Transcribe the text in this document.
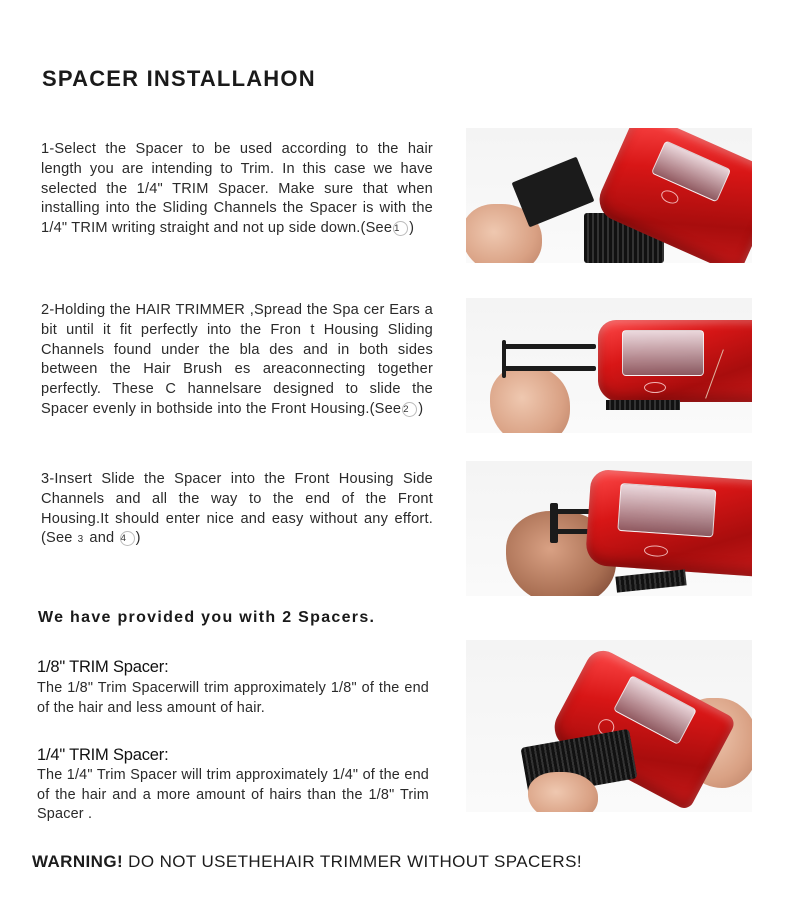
SPACER INSTALLAHON
1-Select the Spacer to be used according to the hair length you are intending to Trim. In this case we have selected the 1/4" TRIM Spacer. Make sure that when installing into the Sliding Channels the Spacer is with the 1/4" TRIM writing straight and not up side down.(See 1 )
2-Holding the HAIR TRIMMER ,Spread the Spa cer Ears a bit until it fit perfectly into the Fron t Housing Sliding Channels found under the bla des and in both sides between the Hair Brush es areaconnecting together perfectly. These C hannelsare designed to slide the Spacer evenly in bothside into the Front Housing.(See 2 )
3-Insert Slide the Spacer into the Front Housing Side Channels and all the way to the end of the Front Housing.It should enter nice and easy without any effort.(See 3 and 4 )
We have provided you with 2 Spacers.
1/8" TRIM Spacer:
The 1/8" Trim Spacerwill trim approximately 1/8" of the end of the hair and less amount of hair.
1/4" TRIM Spacer:
The 1/4" Trim Spacer will trim approximately 1/4" of the end of the hair and a more amount of hairs than the 1/8" Trim Spacer .
WARNING! DO NOT USETHEHAIR TRIMMER WITHOUT SPACERS!
